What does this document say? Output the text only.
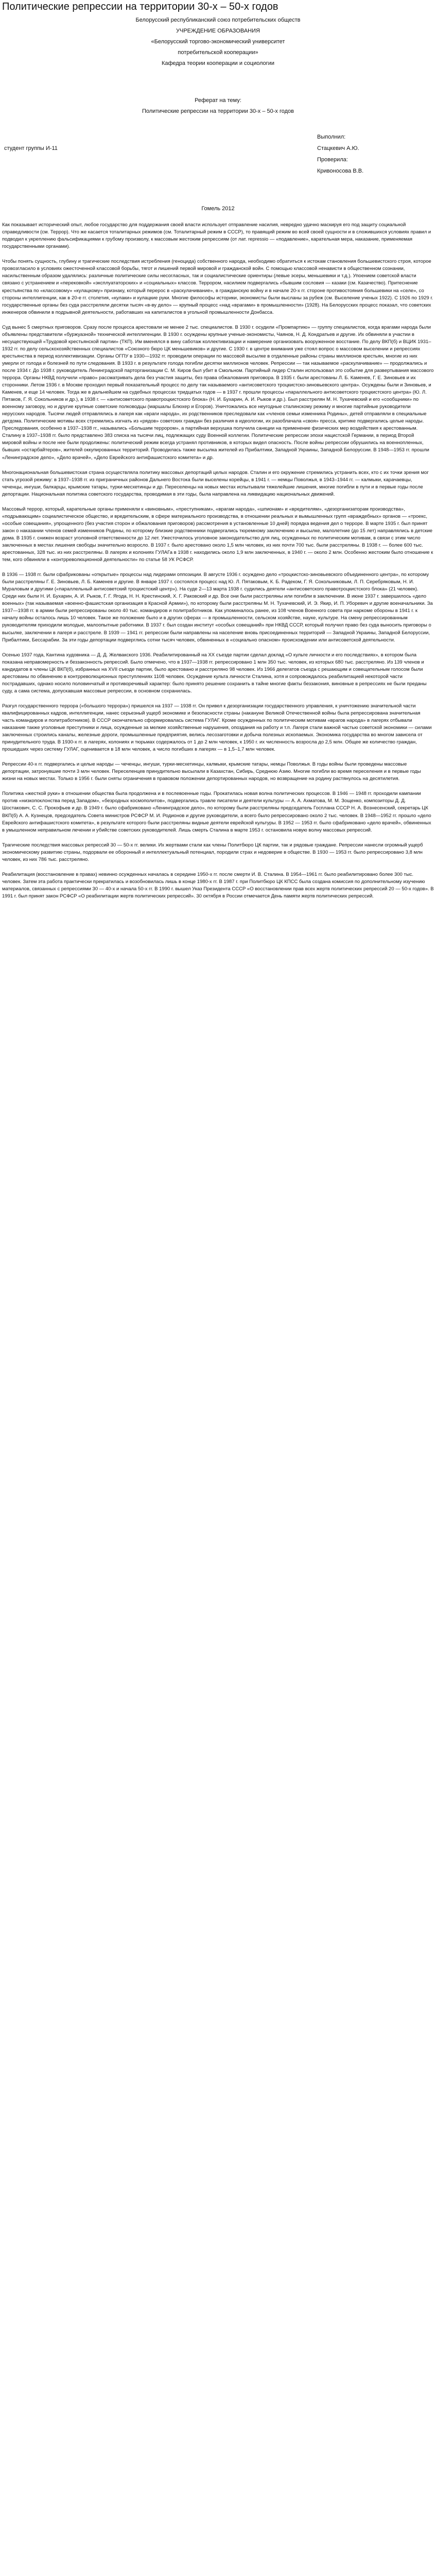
Политические репрессии на территории 30-х – 50-х годов

Белорусский республиканский союз потребительских обществ

УЧРЕЖДЕНИЕ ОБРАЗОВАНИЯ

«Белорусский торгово-экономический университет

потребительской кооперации»

Кафедра теории кооперации и социологии

Реферат на тему:

Политические репрессии на территории 30-х – 50-х годов

Выполнил:
студент группы И-11	Стацкевич А.Ю.
Проверила:
Кривоносова В.В.

Гомель 2012

Как показывает исторический опыт, любое государство для поддержания своей власти использует отправление насилия, невредно удачно маскируя его под защиту социальной справедливости (см. Террор). Что же касается тоталитарных режимов (см. Тоталитарный режим в СССР), то правящий режим во всей своей сущности и в сложившихся условиях правил и подводил к укреплению фальсификациями к грубому произволу, к массовым жестоким репрессиям (от лат. repressio — «подавление», карательная мера, наказание, применяемая государственными органами).

Чтобы понять сущность, глубину и трагические последствия истребления (геноцида) собственного народа, необходимо обратиться к истокам становления большевистского строя, которое провозгласило в условиях ожесточенной классовой борьбы, тягот и лишений первой мировой и гражданской войн. С помощью классовой ненависти в общественном сознании, насильственным образом удалялись: различные политические силы несогласных, так и социалистические ориентиры (левые эсеры, меньшевики и т.д.). Упоением советской власти связано с устранением и «перековкой» «эксплуататорских» и «социальных» классов. Террором, насилием подвергались «бывшим сословия — казаки (см. Казачество). Притеснение крестьянства по «классовому» «кулацкому» признаку, который перерос в «раскулачивание», в гражданскую войну и в начале 20-х гг. стороне противостояния большевики на «селе», со стороны интеллигенции, как в 20-е гг. столетия, «кулаки» и кулацкие руки. Многие философы историки, экономисты были высланы за рубеж (см. Выселение ученых 1922). С 1926 по 1929 г. государственные органы без суда расстреляли десятки тысяч «в-ву дело» — крупный процесс «над «врагами» в промышленности» (1928). На Белорусских процесс показал, что советских инженеров обвинили в подрывной деятельности, работавших на капиталистов в угольной промышленности Донбасса.

Суд вынес 5 смертных приговоров. Сразу после процесса арестовали не менее 2 тыс. специалистов. В 1930 г. осудили «Промпартию» — группу специалистов, когда врагами народа были объявлены представители «буржуазной» технической интеллигенции. В 1930 г. осуждены крупные ученые-экономисты, Чаянов, Н. Д. Кондратьев и другие. Их обвиняли в участии в несуществующей «Трудовой крестьянской партии» (ТКП). Им вменялся в вину саботаж коллективизации и намерение организовать вооруженное восстание. По делу ВКП(б) и ВЦИК 1931–1932 гг. по делу сельскохозяйственных специалистов «Союзного бюро ЦК меньшевиков» и другие. С 1930 г. в центре внимания уже стоял вопрос о массовом выселении и репрессиях крестьянства в период коллективизации. Органы ОГПУ в 1930—1932 гг. проводили операции по массовой высылке в отдаленные районы страны миллионов крестьян, многие из них умерли от голода и болезней по пути следования. В 1933 г. в результате голода погибли десятки миллионов человек. Репрессии — так называемое «раскулачивание» — продолжались и после 1934 г. До 1938 г. руководитель Ленинградской парторганизации С. М. Киров был убит в Смольном. Партийный лидер Сталин использовал это событие для развертывания массового террора. Органы НКВД получили «право» рассматривать дела без участия защиты, без права обжалования приговора. В 1935 г. были арестованы Л. Б. Каменев, Г. Е. Зиновьев и их сторонники. Летом 1936 г. в Москве проходил первый показательный процесс по делу так называемого «антисоветского троцкистско-зиновьевского центра». Осуждены были и Зиновьев, и Каменев, и еще 14 человек. Тогда же в дальнейшем на судебных процессах тридцатых годов — в 1937 г. прошли процессы «параллельного антисоветского троцкистского центра» (Ю. Л. Пятаков, Г. Я. Сокольников и др.), в 1938 г. — «антисоветского правотроцкистского блока» (Н. И. Бухарин, А. И. Рыков и др.). Был расстрелян М. Н. Тухачевский и его «сообщники» по военному заговору, но и другие крупные советские полководцы (маршалы Блюхер и Егоров). Уничтожались все неугодные сталинскому режиму и многие партийные руководители нерусских народов. Тысячи людей отправлялись в лагеря как «враги народа», их родственников преследовали как «членов семьи изменника Родины», детей отправляли в специальные детдома. Политические мотивы всех стремились изгнать из «рядов» советских граждан без различия в идеологии, их разоблачала «своя» пресса, критике подвергались целые народы. Преследования, особенно в 1937–1938 гг., назывались «Большим террором», а партийная верхушка получила санкции на применение физических мер воздействия к арестованным. Сталину в 1937–1938 гг. было представлено 383 списка на тысячи лиц, подлежащих суду Военной коллегии. Политические репрессии эпохи нацистской Германии, в период Второй мировой войны и после нее были продолжены: политический режим всегда устранял противников, в которых видел опасность. После войны репрессии обрушились на военнопленных, бывших «остарбайтеров», жителей оккупированных территорий. Проводилась также высылка жителей из Прибалтики, Западной Украины, Западной Белоруссии. В 1948—1953 гг. прошли «Ленинградское дело», «Дело врачей», «Дело Еврейского антифашистского комитета» и др.

Многонациональная большевистская страна осуществляла политику массовых депортаций целых народов. Сталин и его окружение стремились устранить всех, кто с их точки зрения мог стать угрозой режиму: в 1937–1938 гг. из приграничных районов Дальнего Востока были выселены корейцы, в 1941 г. — немцы Поволжья, в 1943–1944 гг. — калмыки, карачаевцы, чеченцы, ингуши, балкарцы, крымские татары, турки-месхетинцы и др. Переселенцы на новых местах испытывали тяжелейшие лишения, многие погибли в пути и в первые годы после депортации. Национальная политика советского государства, проводимая в эти годы, была направлена на ликвидацию национальных движений.

Массовый террор, который, карательные органы применяли к «виновным», «преступникам», «врагам народа», «шпионам» и «вредителям», «дезорганизаторам производства», «подрывающим» социалистическое общество, и вредительским, в сфере материального производства, в отношении реальных и вымышленных групп «враждебных» органов — «троекс, «особые совещания», упрощенного (без участия сторон и обжалования приговоров) рассмотрения в установленные 10 дней) порядка ведения дел о терроре. В марте 1935 г. был принят закон о наказании членов семей изменников Родины, по которому близкие родственники подвергались тюремному заключению и высылке, малолетние (до 15 лет) направлялись в детские дома. В 1935 г. снижен возраст уголовной ответственности до 12 лет. Ужесточилось уголовное законодательство для лиц, осужденных по политическим мотивам, в связи с этим число заключенных в местах лишения свободы значительно возросло. В 1937 г. было арестовано около 1,5 млн человек, из них почти 700 тыс. были расстреляны. В 1938 г. — более 600 тыс. арестованных, 328 тыс. из них расстреляны. В лагерях и колониях ГУЛАГа в 1938 г. находились около 1,9 млн заключенных, в 1940 г. — около 2 млн. Особенно жестоким было отношение к тем, кого обвиняли в «контрреволюционной деятельности» по статье 58 УК РСФСР.

В 1936 — 1938 гг. были сфабрикованы «открытые» процессы над лидерами оппозиции. В августе 1936 г. осуждено дело «троцкистско-зиновьевского объединенного центра», по которому были расстреляны Г. Е. Зиновьев, Л. Б. Каменев и другие. В январе 1937 г. состоялся процесс над Ю. Л. Пятаковым, К. Б. Радеком, Г. Я. Сокольниковым, Л. П. Серебряковым, Н. И. Мураловым и другими («параллельный антисоветский троцкистский центр»). На суде 2—13 марта 1938 г. судились деятели «антисоветского правотроцкистского блока» (21 человек). Среди них были Н. И. Бухарин, А. И. Рыков, Г. Г. Ягода, Н. Н. Крестинский, Х. Г. Раковский и др. Все они были расстреляны или погибли в заключении. В июне 1937 г. завершилось «дело военных» (так называемая «военно-фашистская организация в Красной Армии»), по которому были расстреляны М. Н. Тухачевский, И. Э. Якир, И. П. Уборевич и другие военачальники. За 1937—1938 гг. в армии были репрессированы около 40 тыс. командиров и политработников. Как упоминалось ранее, из 108 членов Военного совета при наркоме обороны в 1941 г. к началу войны осталось лишь 10 человек. Такое же положение было и в других сферах — в промышленности, сельском хозяйстве, науке, культуре. На смену репрессированным руководителям приходили молодые, малоопытные работники. В 1937 г. был создан институт «особых совещаний» при НКВД СССР, который получил право без суда выносить приговоры о высылке, заключении в лагеря и расстреле. В 1939 — 1941 гг. репрессии были направлены на население вновь присоединенных территорий — Западной Украины, Западной Белоруссии, Прибалтики, Бессарабии. За эти годы депортации подверглись сотни тысяч человек, обвиненных в «социально опасном» происхождении или антисоветской деятельности.

Осенью 1937 года, Кантина худовника — Д. Д. Желвакского 1936. Реабилитированный на XX съезде партии сделал доклад «О культе личности и его последствиях», в котором была показана неправомерность и беззаконность репрессий. Было отмечено, что в 1937—1938 гг. репрессировано 1 млн 350 тыс. человек, из которых 680 тыс. расстреляно. Из 139 членов и кандидатов в члены ЦК ВКП(б), избранных на XVII съезде партии, было арестовано и расстреляно 98 человек. Из 1966 делегатов съезда с решающим и совещательным голосом были арестованы по обвинению в контрреволюционных преступлениях 1108 человек. Осуждение культа личности Сталина, хотя и сопровождалось реабилитацией некоторой части пострадавших, однако носило половинчатый и противоречивый характер: было принято решение сохранить в тайне многие факты беззакония, виновные в репрессиях не были преданы суду, а сама система, допускавшая массовые репрессии, в основном сохранилась.

Разгул государственного террора («большого террора») пришелся на 1937 — 1938 гг. Он привел к дезорганизации государственного управления, к уничтожению значительной части квалифицированных кадров, интеллигенции, нанес серьезный ущерб экономике и безопасности страны (накануне Великой Отечественной войны была репрессирована значительная часть командиров и политработников). В СССР окончательно сформировалась система ГУЛАГ. Кроме осужденных по политическим мотивам «врагов народа» в лагерях отбывали наказание также уголовные преступники и лица, осужденные за мелкие хозяйственные нарушения, опоздания на работу и т.п. Лагеря стали важной частью советской экономики — силами заключенных строились каналы, железные дороги, промышленные предприятия, велись лесозаготовки и добыча полезных ископаемых. Экономика государства во многом зависела от принудительного труда. В 1930-х гг. в лагерях, колониях и тюрьмах содержалось от 1 до 2 млн человек, к 1950 г. их численность возросла до 2,5 млн. Общее же количество граждан, прошедших через систему ГУЛАГ, оценивается в 18 млн человек, а число погибших в лагерях — в 1,5–1,7 млн человек.

Репрессии 40-х гг. подвергались и целые народы — чеченцы, ингуши, турки-месхетинцы, калмыки, крымские татары, немцы Поволжья. В годы войны были проведены массовые депортации, затронувшие почти 3 млн человек. Переселенцев принудительно высылали в Казахстан, Сибирь, Среднюю Азию. Многие погибли во время переселения и в первые годы жизни на новых местах. Только в 1956 г. были сняты ограничения в правовом положении депортированных народов, но возвращение на родину растянулось на десятилетия.

Политика «жесткой руки» в отношении общества была продолжена и в послевоенные годы. Прокатилась новая волна политических процессов. В 1946 — 1948 гг. проходили кампании против «низкопоклонства перед Западом», «безродных космополитов», подвергались травле писатели и деятели культуры — А. А. Ахматова, М. М. Зощенко, композиторы Д. Д. Шостакович, С. С. Прокофьев и др. В 1949 г. было сфабриковано «Ленинградское дело», по которому были расстреляны председатель Госплана СССР Н. А. Вознесенский, секретарь ЦК ВКП(б) А. А. Кузнецов, председатель Совета министров РСФСР М. И. Родионов и другие руководители, а всего было репрессировано около 2 тыс. человек. В 1948—1952 гг. прошло «дело Еврейского антифашистского комитета», в результате которого были расстреляны видные деятели еврейской культуры. В 1952 — 1953 гг. было сфабриковано «дело врачей», обвиненных в умышленном неправильном лечении и убийстве советских руководителей. Лишь смерть Сталина в марте 1953 г. остановила новую волну массовых репрессий.

Трагические последствия массовых репрессий 30 — 50-х гг. велики. Их жертвами стали как члены Политбюро ЦК партии, так и рядовые граждане. Репрессии нанесли огромный ущерб экономическому развитию страны, подорвали ее оборонный и интеллектуальный потенциал, породили страх и недоверие в обществе. В 1930 — 1953 гг. было репрессировано 3,8 млн человек, из них 786 тыс. расстреляно.

Реабилитация (восстановление в правах) невинно осужденных началась в середине 1950-х гг. после смерти И. В. Сталина. В 1954—1961 гг. было реабилитировано более 300 тыс. человек. Затем эта работа практически прекратилась и возобновилась лишь в конце 1980-х гг. В 1987 г. при Политбюро ЦК КПСС была создана комиссия по дополнительному изучению материалов, связанных с репрессиями 30 — 40-х и начала 50-х гг. В 1990 г. вышел Указ Президента СССР «О восстановлении прав всех жертв политических репрессий 20 — 50-х годов». В 1991 г. был принят закон РСФСР «О реабилитации жертв политических репрессий». 30 октября в России отмечается День памяти жертв политических репрессий.
